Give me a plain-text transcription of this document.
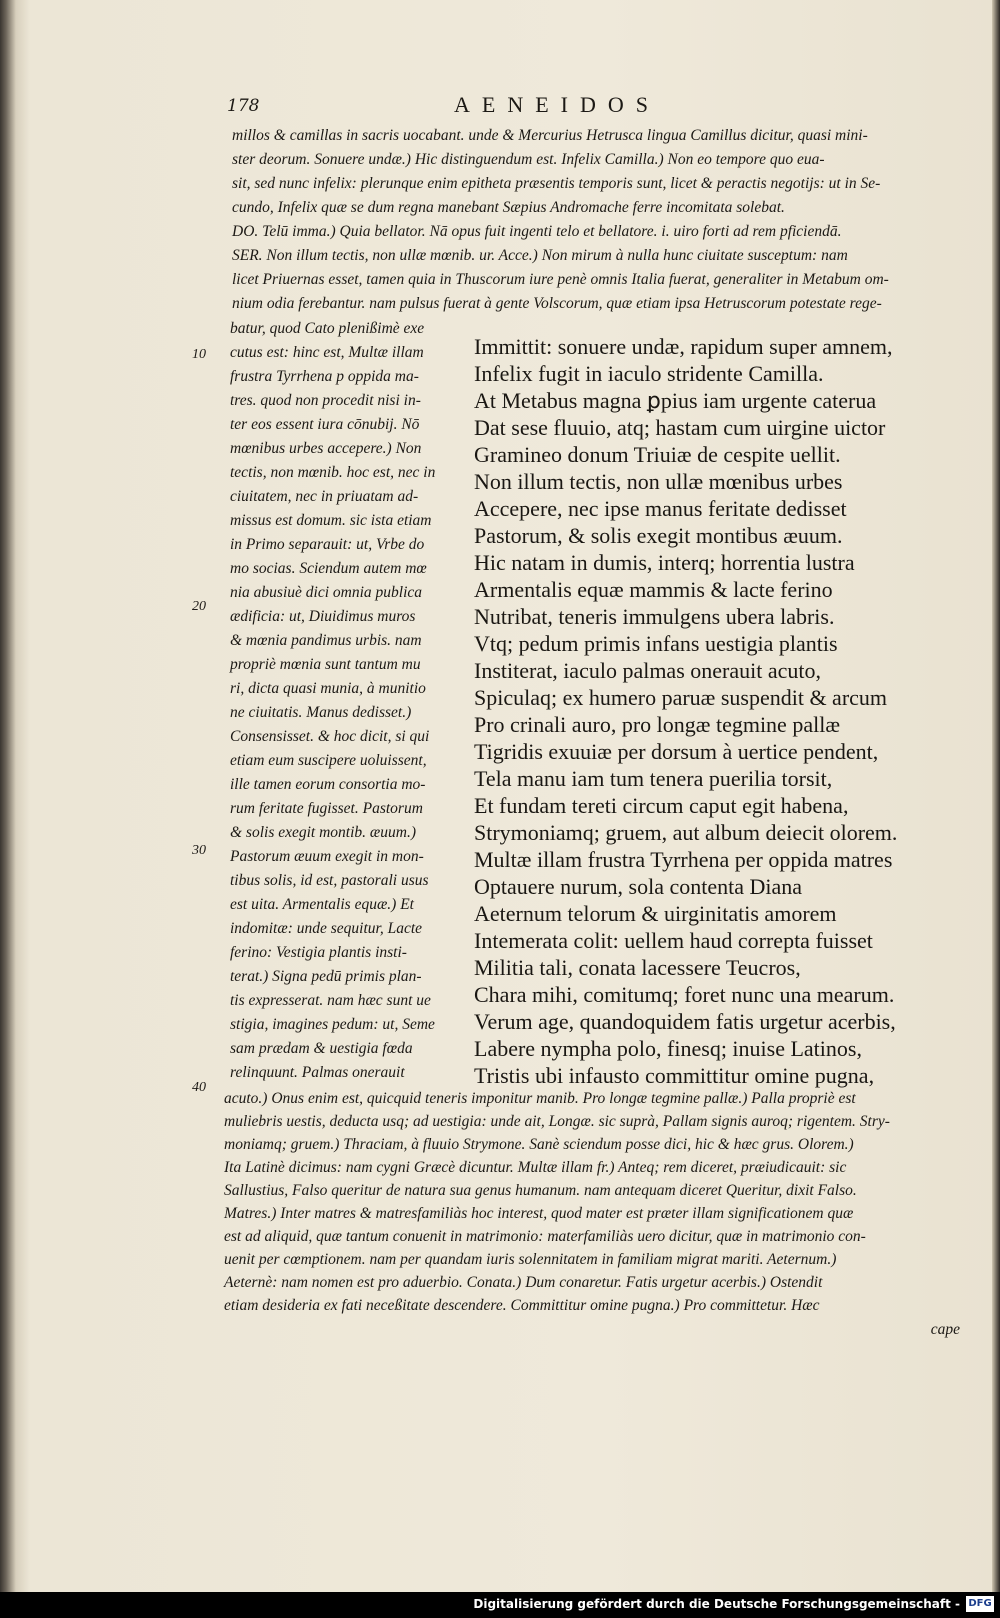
178	AENEIDOS
millos & camillas in sacris uocabant. unde & Mercurius Hetrusca lingua Camillus dicitur, quasi mini-
ster deorum. Sonuere undæ.) Hic distinguendum est. Infelix Camilla.) Non eo tempore quo eua-
sit, sed nunc infelix: plerunque enim epitheta præsentis temporis sunt, licet & peractis negotijs: ut in Se-
cundo, Infelix quæ se dum regna manebant Sæpius Andromache ferre incomitata solebat.
DO. Telū imma.) Quia bellator. Nā opus fuit ingenti telo et bellatore. i. uiro forti ad rem pficiendā.
SER. Non illum tectis, non ullæ mœnib. ur. Acce.) Non mirum à nulla hunc ciuitate susceptum: nam
licet Priuernas esset, tamen quia in Thuscorum iure penè omnis Italia fuerat, generaliter in Metabum om-
nium odia ferebantur. nam pulsus fuerat à gente Volscorum, quæ etiam ipsa Hetruscorum potestate rege-
batur, quod Cato plenißimè exe
cutus est: hinc est, Multæ illam
frustra Tyrrhena p oppida ma-
tres. quod non procedit nisi in-
ter eos essent iura cōnubij. Nō
mœnibus urbes accepere.) Non
tectis, non mœnib. hoc est, nec in
ciuitatem, nec in priuatam ad-
missus est domum. sic ista etiam
in Primo separauit: ut, Vrbe do
mo socias. Sciendum autem mœ
nia abusiuè dici omnia publica
ædificia: ut, Diuidimus muros
& mœnia pandimus urbis. nam
propriè mœnia sunt tantum mu
ri, dicta quasi munia, à munitio
ne ciuitatis. Manus dedisset.)
Consensisset. & hoc dicit, si qui
etiam eum suscipere uoluissent,
ille tamen eorum consortia mo-
rum feritate fugisset. Pastorum
& solis exegit montib. æuum.)
Pastorum æuum exegit in mon-
tibus solis, id est, pastorali usus
est uita. Armentalis equæ.) Et
indomitæ: unde sequitur, Lacte
ferino: Vestigia plantis insti-
terat.) Signa pedū primis plan-
tis expresserat. nam hæc sunt ue
stigia, imagines pedum: ut, Seme
sam prædam & uestigia fœda
relinquunt. Palmas onerauit
10
20
30
40
Immittit: sonuere undæ, rapidum super amnem,
Infelix fugit in iaculo stridente Camilla.
At Metabus magna ꝑpius iam urgente caterua
Dat sese fluuio, atq; hastam cum uirgine uictor
Gramineo donum Triuiæ de cespite uellit.
Non illum tectis, non ullæ mœnibus urbes
Accepere, nec ipse manus feritate dedisset
Pastorum, & solis exegit montibus æuum.
Hic natam in dumis, interq; horrentia lustra
Armentalis equæ mammis & lacte ferino
Nutribat, teneris immulgens ubera labris.
Vtq; pedum primis infans uestigia plantis
Institerat, iaculo palmas onerauit acuto,
Spiculaq; ex humero paruæ suspendit & arcum
Pro crinali auro, pro longæ tegmine pallæ
Tigridis exuuiæ per dorsum à uertice pendent,
Tela manu iam tum tenera puerilia torsit,
Et fundam tereti circum caput egit habena,
Strymoniamq; gruem, aut album deiecit olorem.
Multæ illam frustra Tyrrhena per oppida matres
Optauere nurum, sola contenta Diana
Aeternum telorum & uirginitatis amorem
Intemerata colit: uellem haud correpta fuisset
Militia tali, conata lacessere Teucros,
Chara mihi, comitumq; foret nunc una mearum.
Verum age, quandoquidem fatis urgetur acerbis,
Labere nympha polo, finesq; inuise Latinos,
Tristis ubi infausto committitur omine pugna,
acuto.) Onus enim est, quicquid teneris imponitur manib. Pro longæ tegmine pallæ.) Palla propriè est
muliebris uestis, deducta usq; ad uestigia: unde ait, Longæ. sic suprà, Pallam signis auroq; rigentem. Stry-
moniamq; gruem.) Thraciam, à fluuio Strymone. Sanè sciendum posse dici, hic & hæc grus. Olorem.)
Ita Latinè dicimus: nam cygni Græcè dicuntur. Multæ illam fr.) Anteq; rem diceret, præiudicauit: sic
Sallustius, Falso queritur de natura sua genus humanum. nam antequam diceret Queritur, dixit Falso.
Matres.) Inter matres & matresfamiliàs hoc interest, quod mater est præter illam significationem quæ
est ad aliquid, quæ tantum conuenit in matrimonio: materfamiliàs uero dicitur, quæ in matrimonio con-
uenit per cœmptionem. nam per quandam iuris solennitatem in familiam migrat mariti. Aeternum.)
Aeternè: nam nomen est pro aduerbio. Conata.) Dum conaretur. Fatis urgetur acerbis.) Ostendit
etiam desideria ex fati neceßitate descendere. Committitur omine pugna.) Pro committetur. Hæc
cape
Digitalisierung gefördert durch die Deutsche Forschungsgemeinschaft - DFG
